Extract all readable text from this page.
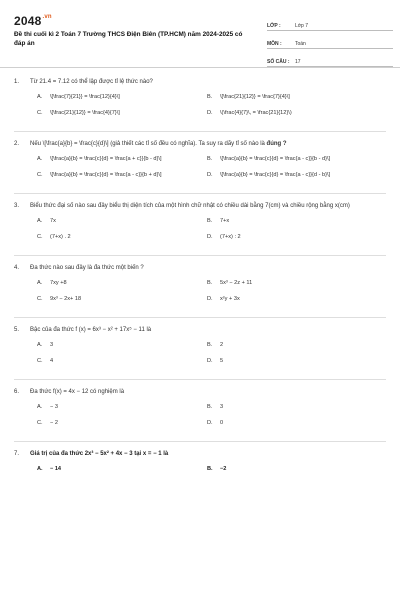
$2048^{.vn}$
Đề thi cuối kì 2 Toán 7 Trường THCS Điện Biên (TP.HCM) năm 2024-2025 có đáp án
LỚP :	Lớp 7
MÔN :	Toán
SỐ CÂU :	17
1.	Từ 21.4 = 7.12 có thể lập được tỉ lệ thức nào?
A.	\[\frac{7}{21}} = \frac{12}{4}\]	B.	\[\frac{21}{12}} = \frac{7}{4}\]
C.	\[\frac{21}{12}} = \frac{4}{7}\]	D.	\(\frac{4}{7}\, = \frac{21}{12}\)
2.	Nếu \[\frac{a}{b} = \frac{c}{d}\] (giả thiết các tỉ số đều có nghĩa). Ta suy ra dãy tỉ số nào là đúng ?
A.	\[\frac{a}{b} = \frac{c}{d} = \frac{a + c}}{b - d}\]	B.	\[\frac{a}{b} = \frac{c}{d} = \frac{a - c}}{b - d}\]
C.	\[\frac{a}{b} = \frac{c}{d} = \frac{a - c}}{b + d}\]	D.	\[\frac{a}{b} = \frac{c}{d} = \frac{a - c}}{d - b}\]
3.	Biểu thức đại số nào sau đây biểu thị diện tích của một hình chữ nhật có chiều dài bằng 7(cm) và chiều rộng bằng x(cm)
A.	7x	B.	7+x
C.	(7+x) . 2	D.	(7+x) : 2
4.	Đa thức nào sau đây là đa thức một biến ?
A.	7xy +8	B.	5x³ − 2z + 11
C.	9x³ − 2x+ 18	D.	x²y + 3x
5.	Bậc của đa thức f (x) = 6x³ − x² + 17x⁵ − 11 là
A.	3	B.	2
C.	4	D.	5
6.	Đa thức f(x) = 4x − 12 có nghiệm là
A.	− 3	B.	3
C.	− 2	D.	0
7.	Giá trị của đa thức 2x³ − 5x² + 4x − 3 tại x = − 1 là
A.	− 14	B.	−2
